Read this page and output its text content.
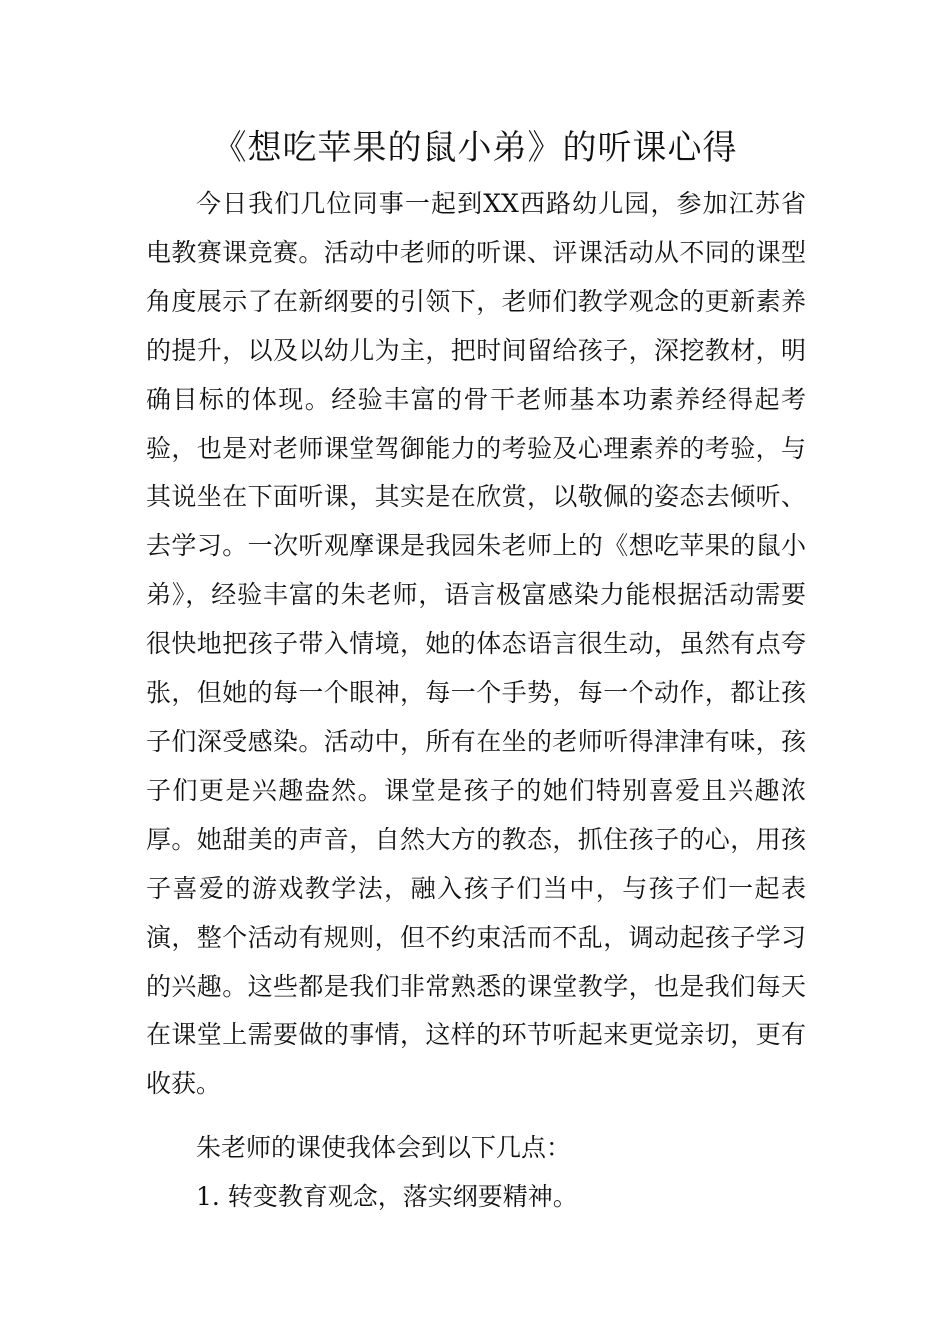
《想吃苹果的鼠小弟》的听课心得

今日我们几位同事一起到XX西路幼儿园，参加江苏省电教赛课竞赛。活动中老师的听课、评课活动从不同的课型角度展示了在新纲要的引领下，老师们教学观念的更新素养的提升，以及以幼儿为主，把时间留给孩子，深挖教材，明确目标的体现。经验丰富的骨干老师基本功素养经得起考验，也是对老师课堂驾御能力的考验及心理素养的考验，与其说坐在下面听课，其实是在欣赏，以敬佩的姿态去倾听、去学习。一次听观摩课是我园朱老师上的《想吃苹果的鼠小弟》，经验丰富的朱老师，语言极富感染力能根据活动需要很快地把孩子带入情境，她的体态语言很生动，虽然有点夸张，但她的每一个眼神，每一个手势，每一个动作，都让孩子们深受感染。活动中，所有在坐的老师听得津津有味，孩子们更是兴趣盎然。课堂是孩子的她们特别喜爱且兴趣浓厚。她甜美的声音，自然大方的教态，抓住孩子的心，用孩子喜爱的游戏教学法，融入孩子们当中，与孩子们一起表演，整个活动有规则，但不约束活而不乱，调动起孩子学习的兴趣。这些都是我们非常熟悉的课堂教学，也是我们每天在课堂上需要做的事情，这样的环节听起来更觉亲切，更有收获。

朱老师的课使我体会到以下几点：

1. 转变教育观念，落实纲要精神。
